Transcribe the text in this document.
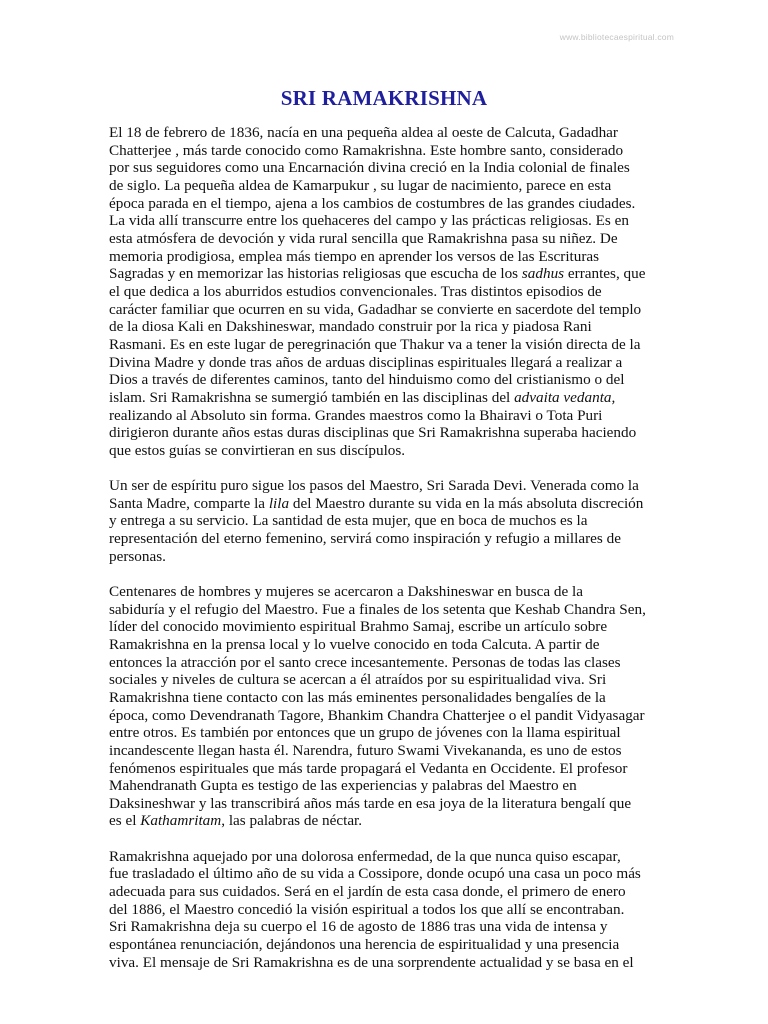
www.bibliotecaespiritual.com
SRI RAMAKRISHNA

El 18 de febrero de 1836, nacía en una pequeña aldea al oeste de Calcuta, Gadadhar
Chatterjee , más tarde conocido como Ramakrishna. Este hombre santo, considerado
por sus seguidores como una Encarnación divina creció en la India colonial de finales
de siglo. La pequeña aldea de Kamarpukur , su lugar de nacimiento, parece en esta
época parada en el tiempo, ajena a los cambios de costumbres de las grandes ciudades.
La vida allí transcurre entre los quehaceres del campo y las prácticas religiosas. Es en
esta atmósfera de devoción y vida rural sencilla que Ramakrishna pasa su niñez. De
memoria prodigiosa, emplea más tiempo en aprender los versos de las Escrituras
Sagradas y en memorizar las historias religiosas que escucha de los sadhus errantes, que
el que dedica a los aburridos estudios convencionales. Tras distintos episodios de
carácter familiar que ocurren en su vida, Gadadhar se convierte en sacerdote del templo
de la diosa Kali en Dakshineswar, mandado construir por la rica y piadosa Rani
Rasmani. Es en este lugar de peregrinación que Thakur va a tener la visión directa de la
Divina Madre y donde tras años de arduas disciplinas espirituales llegará a realizar a
Dios a través de diferentes caminos, tanto del hinduismo como del cristianismo o del
islam. Sri Ramakrishna se sumergió también en las disciplinas del advaita vedanta,
realizando al Absoluto sin forma. Grandes maestros como la Bhairavi o Tota Puri
dirigieron durante años estas duras disciplinas que Sri Ramakrishna superaba haciendo
que estos guías se convirtieran en sus discípulos.

Un ser de espíritu puro sigue los pasos del Maestro, Sri Sarada Devi. Venerada como la
Santa Madre, comparte la lila del Maestro durante su vida en la más absoluta discreción
y entrega a su servicio. La santidad de esta mujer, que en boca de muchos es la
representación del eterno femenino, servirá como inspiración y refugio a millares de
personas.

Centenares de hombres y mujeres se acercaron a Dakshineswar en busca de la
sabiduría y el refugio del Maestro. Fue a finales de los setenta que Keshab Chandra Sen,
líder del conocido movimiento espiritual Brahmo Samaj, escribe un artículo sobre
Ramakrishna en la prensa local y lo vuelve conocido en toda Calcuta. A partir de
entonces la atracción por el santo crece incesantemente. Personas de todas las clases
sociales y niveles de cultura se acercan a él atraídos por su espiritualidad viva. Sri
Ramakrishna tiene contacto con las más eminentes personalidades bengalíes de la
época, como Devendranath Tagore, Bhankim Chandra Chatterjee o el pandit Vidyasagar
entre otros. Es también por entonces que un grupo de jóvenes con la llama espiritual
incandescente llegan hasta él. Narendra, futuro Swami Vivekananda, es uno de estos
fenómenos espirituales que más tarde propagará el Vedanta en Occidente. El profesor
Mahendranath Gupta es testigo de las experiencias y palabras del Maestro en
Daksineshwar y las transcribirá años más tarde en esa joya de la literatura bengalí que
es el Kathamritam, las palabras de néctar.

Ramakrishna aquejado por una dolorosa enfermedad, de la que nunca quiso escapar,
fue trasladado el último año de su vida a Cossipore, donde ocupó una casa un poco más
adecuada para sus cuidados. Será en el jardín de esta casa donde, el primero de enero
del 1886, el Maestro concedió la visión espiritual a todos los que allí se encontraban.
Sri Ramakrishna deja su cuerpo el 16 de agosto de 1886 tras una vida de intensa y
espontánea renunciación, dejándonos una herencia de espiritualidad y una presencia
viva. El mensaje de Sri Ramakrishna es de una sorprendente actualidad y se basa en el
